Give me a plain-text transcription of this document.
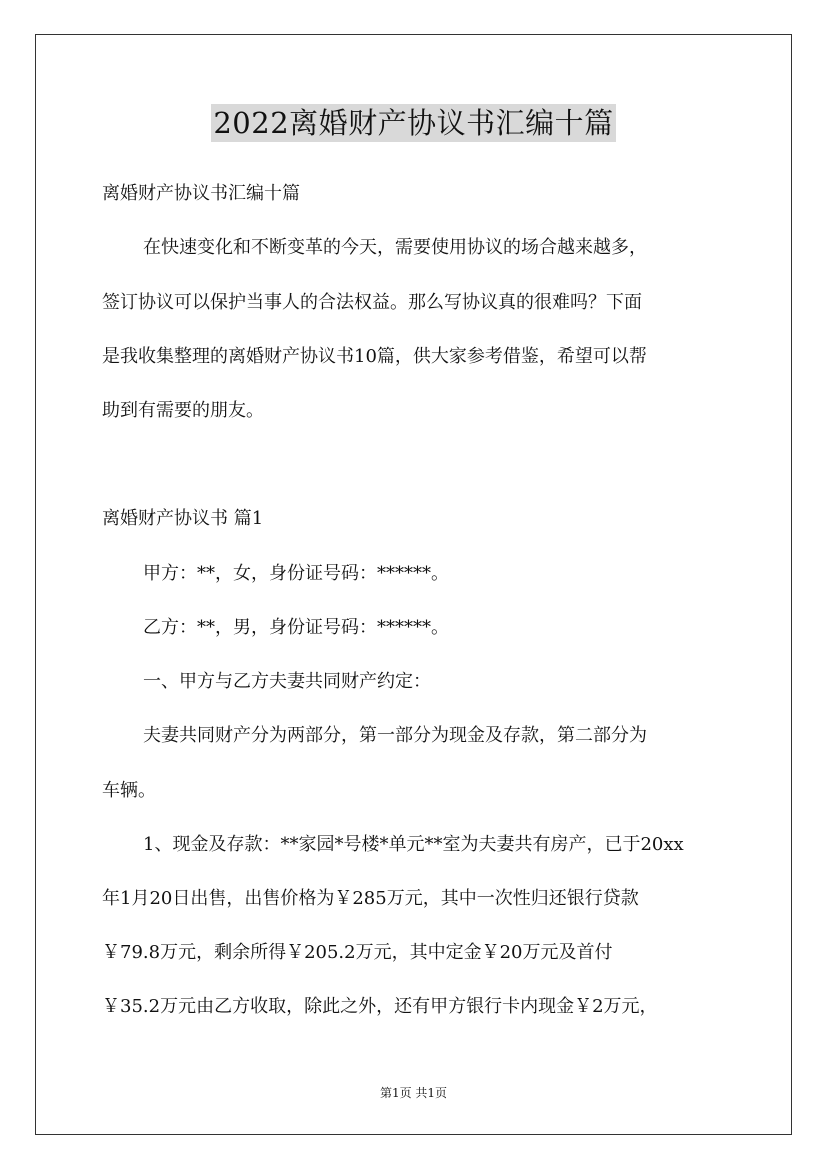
2022离婚财产协议书汇编十篇
离婚财产协议书汇编十篇
在快速变化和不断变革的今天，需要使用协议的场合越来越多，
签订协议可以保护当事人的合法权益。那么写协议真的很难吗？下面
是我收集整理的离婚财产协议书10篇，供大家参考借鉴，希望可以帮
助到有需要的朋友。
离婚财产协议书 篇1
甲方：**，女，身份证号码：******。
乙方：**，男，身份证号码：******。
一、甲方与乙方夫妻共同财产约定：
夫妻共同财产分为两部分，第一部分为现金及存款，第二部分为
车辆。
1、现金及存款：**家园*号楼*单元**室为夫妻共有房产，已于20xx
年1月20日出售，出售价格为￥285万元，其中一次性归还银行贷款
￥79.8万元，剩余所得￥205.2万元，其中定金￥20万元及首付
￥35.2万元由乙方收取，除此之外，还有甲方银行卡内现金￥2万元，
第1页 共1页
